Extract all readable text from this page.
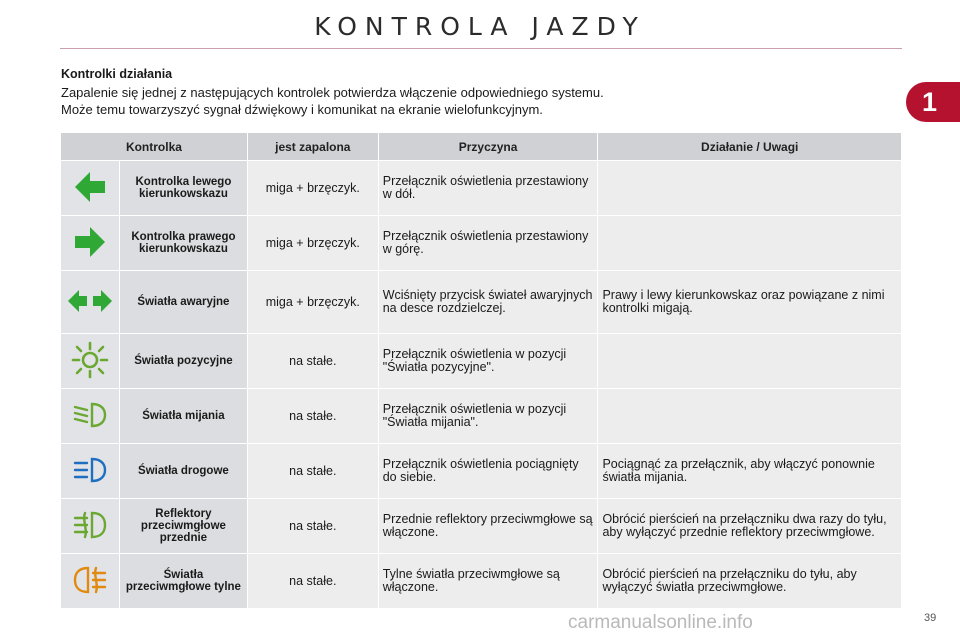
KONTROLA JAZDY
1
Kontrolki działania

Zapalenie się jednej z następujących kontrolek potwierdza włączenie odpowiedniego systemu.

Może temu towarzyszyć sygnał dźwiękowy i komunikat na ekranie wielofunkcyjnym.

Kontrolka		jest zapalona	Przyczyna	Działanie / Uwagi
	Kontrolka lewego kierunkowskazu	miga + brzęczyk.	Przełącznik oświetlenia przestawiony w dół.	
	Kontrolka prawego kierunkowskazu	miga + brzęczyk.	Przełącznik oświetlenia przestawiony w górę.	
	Światła awaryjne	miga + brzęczyk.	Wciśnięty przycisk świateł awaryjnych na desce rozdzielczej.	Prawy i lewy kierunkowskaz oraz powiązane z nimi kontrolki migają.
	Światła pozycyjne	na stałe.	Przełącznik oświetlenia w pozycji "Światła pozycyjne".	
	Światła mijania	na stałe.	Przełącznik oświetlenia w pozycji "Światła mijania".	
	Światła drogowe	na stałe.	Przełącznik oświetlenia pociągnięty do siebie.	Pociągnąć za przełącznik, aby włączyć ponownie światła mijania.
	Reflektory przeciwmgłowe przednie	na stałe.	Przednie reflektory przeciwmgłowe są włączone.	Obrócić pierścień na przełączniku dwa razy do tyłu, aby wyłączyć przednie reflektory przeciwmgłowe.
	Światła przeciwmgłowe tylne	na stałe.	Tylne światła przeciwmgłowe są włączone.	Obrócić pierścień na przełączniku do tyłu, aby wyłączyć światła przeciwmgłowe.
carmanualsonline.info	39
